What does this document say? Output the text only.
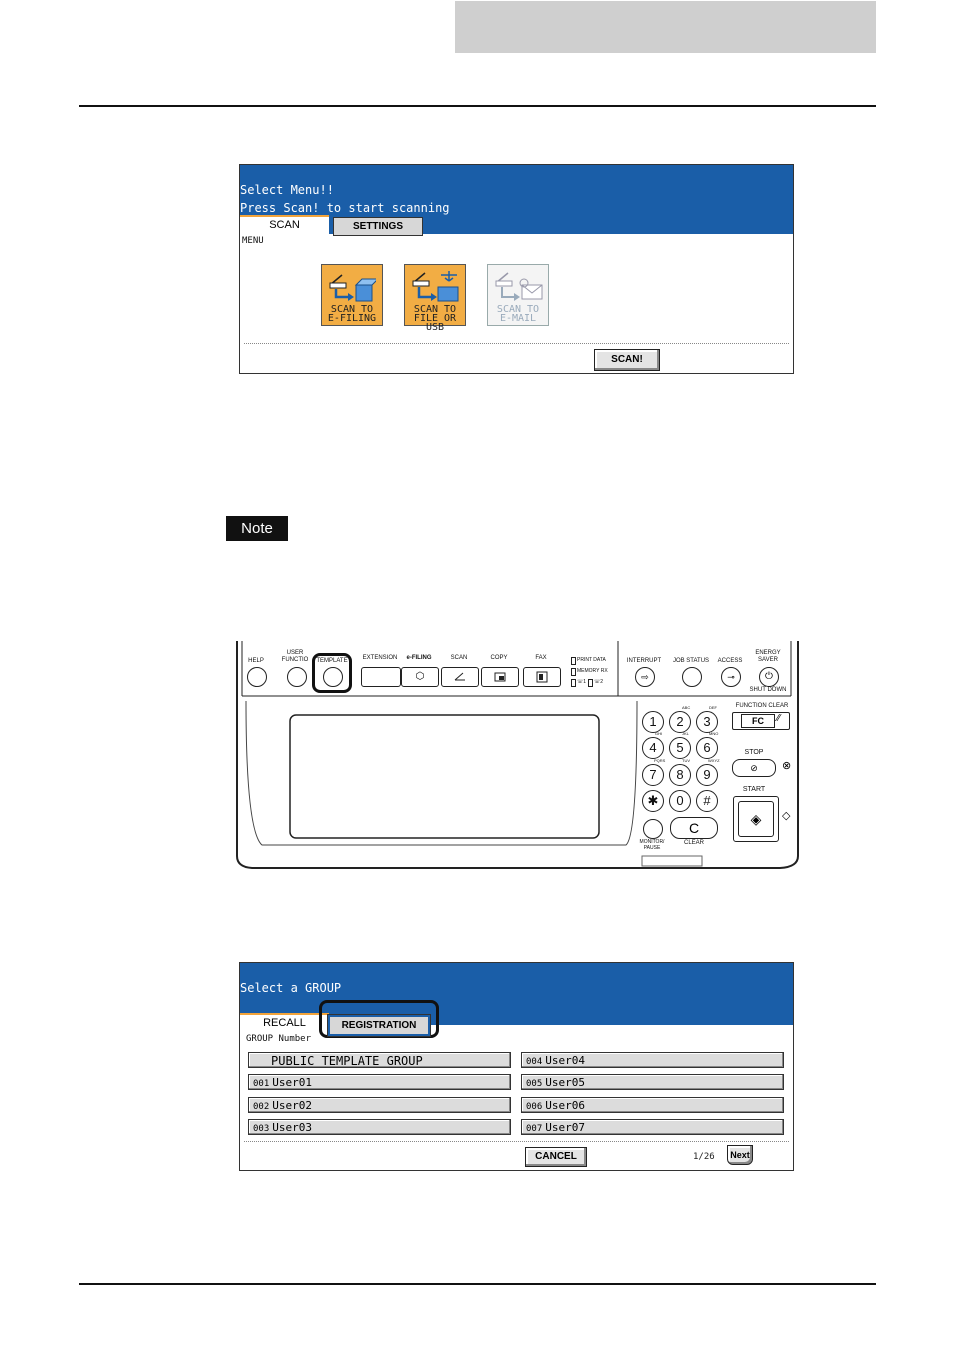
Select Menu!!
Press Scan! to start scanning
SCAN	SETTINGS
MENU
SCAN TO
E-FILING
SCAN TO
FILE OR USB
SCAN TO
E-MAIL
SCAN!
Note
HELP
USER FUNCTIO	TEMPLATE	EXTENSION	e-FILING
⬡
SCAN	COPY	FAX	PRINT DATA
MEMORY RX
☏1 ☏2
INTERRUPT
⇨
JOB STATUS	ACCESS
⊸
ENERGY SAVER
⏻
SHUT DOWN
1	2	3
4	5	6
7	8	9
✱	0	#
ABC	DEF
GHI	JKL	MNO
PQRS	TUV	WXYZ
MONITOR/ PAUSE
C
CLEAR
FUNCTION CLEAR
FC	⁄⁄
STOP
⊘	⊗
START
◈	◇
Select a GROUP
RECALL	REGISTRATION
GROUP Number
PUBLIC TEMPLATE GROUP
001 User01
002 User02
003 User03
004 User04
005 User05
006 User06
007 User07
CANCEL	1/26	Next
